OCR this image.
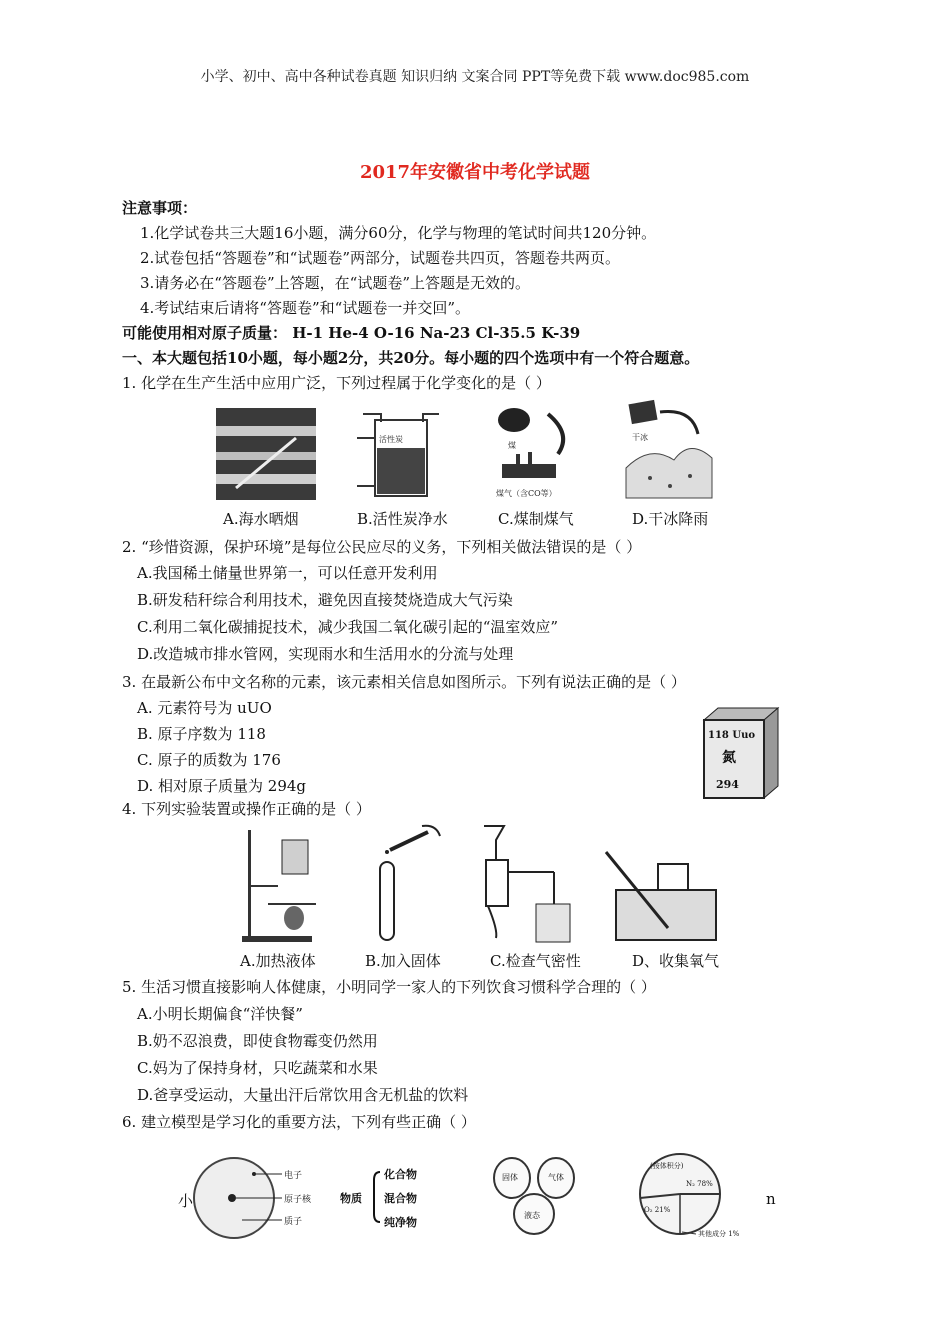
小学、初中、高中各种试卷真题 知识归纳 文案合同 PPT等免费下载 www.doc985.com
2017年安徽省中考化学试题
注意事项：
1.化学试卷共三大题16小题，满分60分，化学与物理的笔试时间共120分钟。
2.试卷包括“答题卷”和“试题卷”两部分，试题卷共四页，答题卷共两页。
3.请务必在“答题卷”上答题，在“试题卷”上答题是无效的。
4.考试结束后请将“答题卷”和“试题卷一并交回”。
可能使用相对原子质量： H-1 He-4 O-16 Na-23 Cl-35.5 K-39
一、本大题包括10小题，每小题2分，共20分。每小题的四个选项中有一个符合题意。
1. 化学在生产生活中应用广泛，下列过程属于化学变化的是（ ）
活性炭
煤
煤气（含CO等）
干冰
A.海水晒烟	B.活性炭净水	C.煤制煤气	D.干冰降雨
2. “珍惜资源，保护环境”是每位公民应尽的义务，下列相关做法错误的是（ ）
A.我国稀土储量世界第一，可以任意开发利用
B.研发秸秆综合利用技术，避免因直接焚烧造成大气污染
C.利用二氧化碳捕捉技术，减少我国二氧化碳引起的“温室效应”
D.改造城市排水管网，实现雨水和生活用水的分流与处理
3. 在最新公布中文名称的元素，该元素相关信息如图所示。下列有说法正确的是（ ）
A. 元素符号为 uUO
B. 原子序数为 118
C. 原子的质数为 176
D. 相对原子质量为 294g
118 Uuo
氮
294
4. 下列实验装置或操作正确的是（ ）
A.加热液体	B.加入固体	C.检查气密性	D、收集氧气
5. 生活习惯直接影响人体健康，小明同学一家人的下列饮食习惯科学合理的（ ）
A.小明长期偏食“洋快餐”
B.奶不忍浪费，即使食物霉变仍然用
C.妈为了保持身材，只吃蔬菜和水果
D.爸享受运动，大量出汗后常饮用含无机盐的饮料
6. 建立模型是学习化的重要方法，下列有些正确（ ）
小	n
电子
原子核
质子
物质
化合物
混合物
纯净物
固体	气体
液态
(按体积分)
N₂ 78%
O₂ 21%
其他成分 1%
